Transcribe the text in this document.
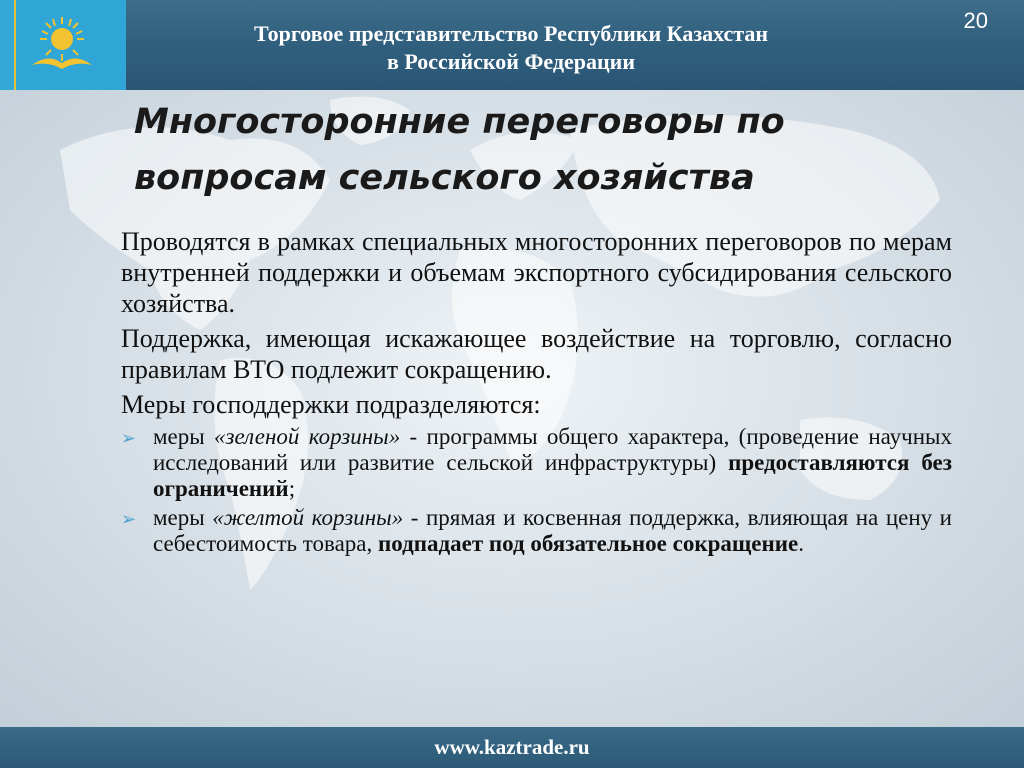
Торговое представительство Республики Казахстан
в Российской Федерации
20
Многосторонние переговоры по
вопросам сельского хозяйства

Проводятся в рамках специальных многосторонних переговоров по мерам внутренней поддержки и объемам экспортного субсидирования сельского хозяйства.

Поддержка, имеющая искажающее воздействие на торговлю, согласно правилам ВТО подлежит сокращению.

Меры господдержки подразделяются:

➢ меры «зеленой корзины» - программы общего характера, (проведение научных исследований или развитие сельской инфраструктуры) предоставляются без ограничений;
➢ меры «желтой корзины» - прямая и косвенная поддержка, влияющая на цену и себестоимость товара, подпадает под обязательное сокращение.
www.kaztrade.ru
